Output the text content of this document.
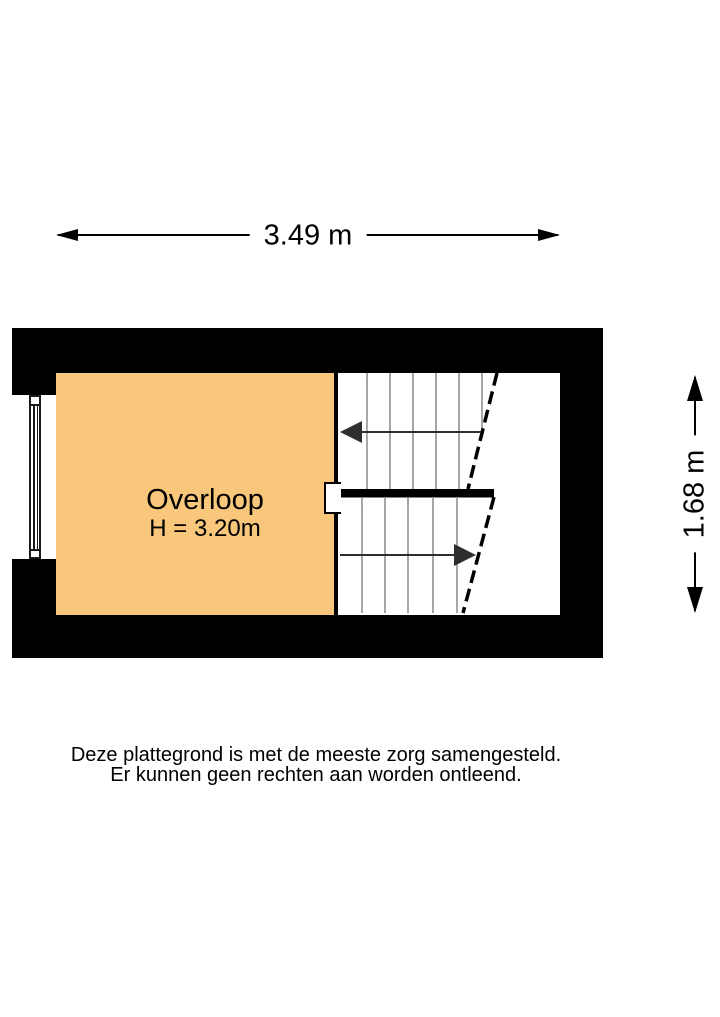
3.49 m
Overloop
H = 3.20m	1.68 m
Deze plattegrond is met de meeste zorg samengesteld.
Er kunnen geen rechten aan worden ontleend.
